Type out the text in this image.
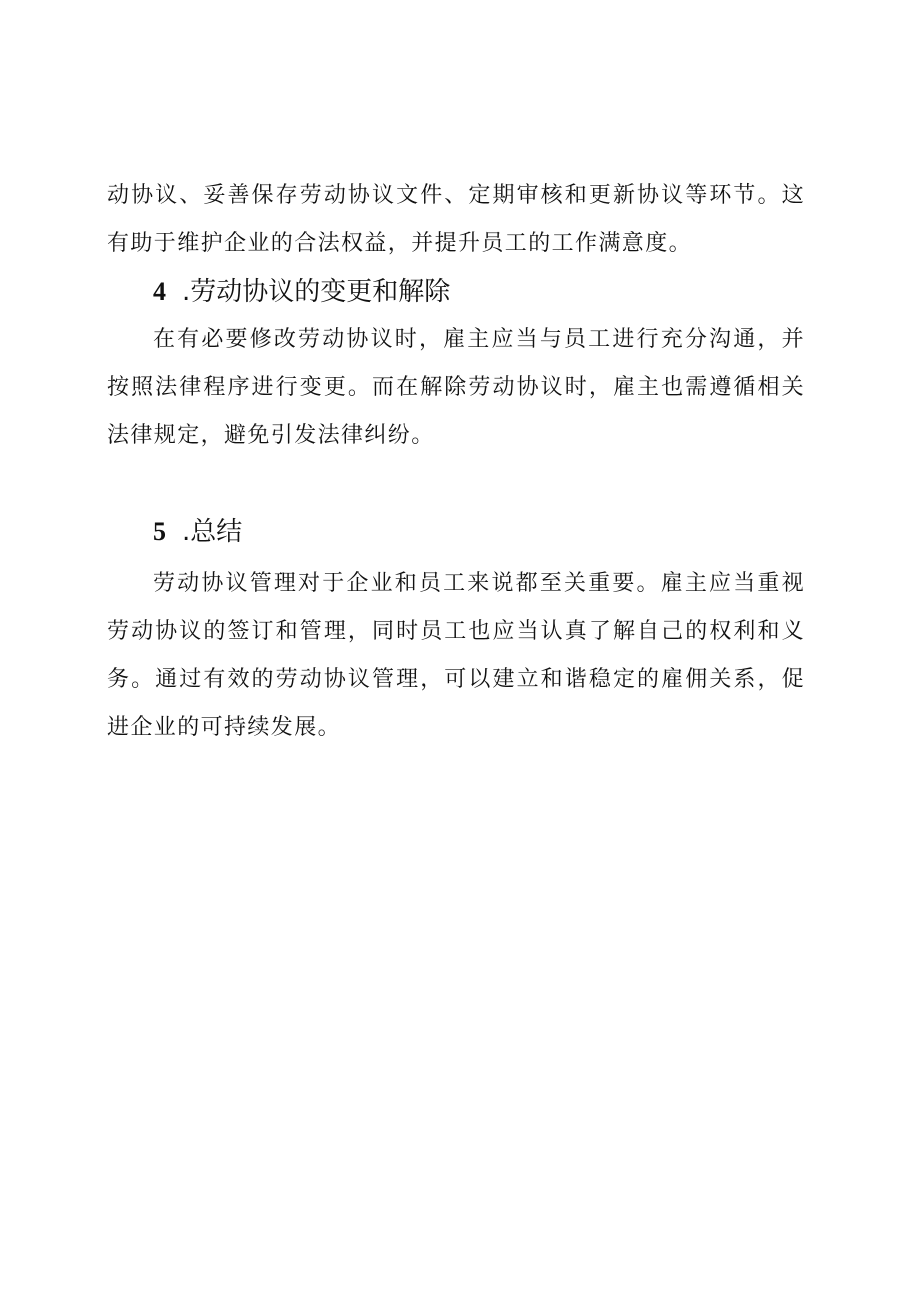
动协议、妥善保存劳动协议文件、定期审核和更新协议等环节。这有助于维护企业的合法权益，并提升员工的工作满意度。

4 .劳动协议的变更和解除

在有必要修改劳动协议时，雇主应当与员工进行充分沟通，并按照法律程序进行变更。而在解除劳动协议时，雇主也需遵循相关法律规定，避免引发法律纠纷。

5 .总结

劳动协议管理对于企业和员工来说都至关重要。雇主应当重视劳动协议的签订和管理，同时员工也应当认真了解自己的权利和义务。通过有效的劳动协议管理，可以建立和谐稳定的雇佣关系，促进企业的可持续发展。
